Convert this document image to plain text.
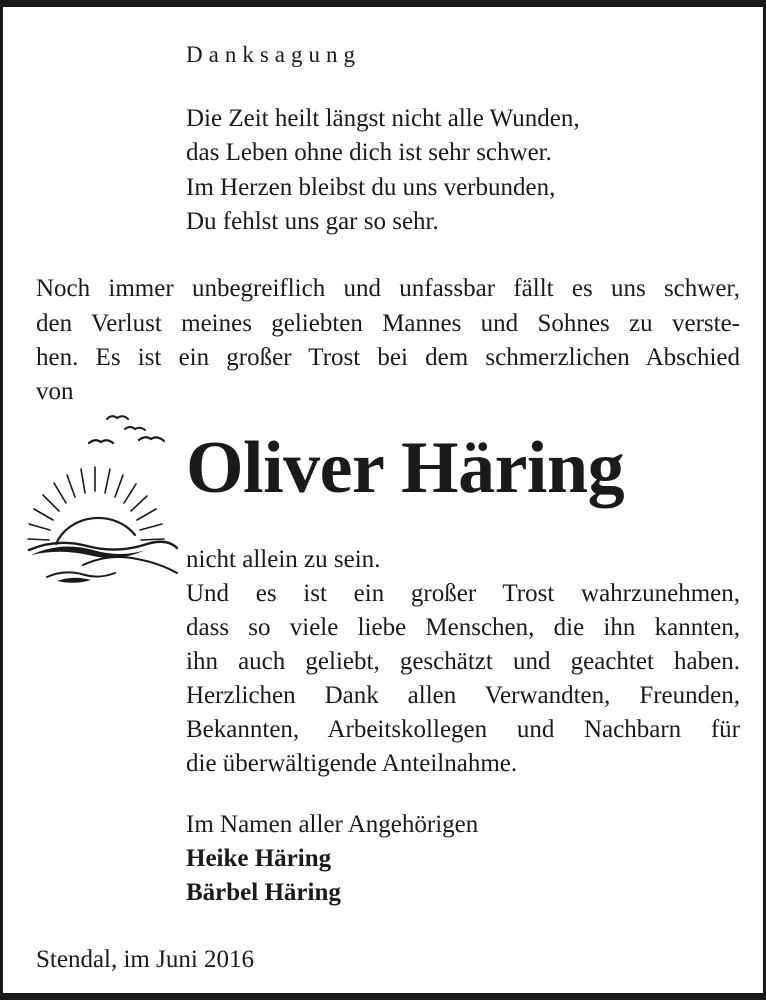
Danksagung
Die Zeit heilt längst nicht alle Wunden,
das Leben ohne dich ist sehr schwer.
Im Herzen bleibst du uns verbunden,
Du fehlst uns gar so sehr.
Noch immer unbegreiflich und unfassbar fällt es uns schwer,
den Verlust meines geliebten Mannes und Sohnes zu verste-
hen. Es ist ein großer Trost bei dem schmerzlichen Abschied
von
Oliver Häring
nicht allein zu sein.
Und es ist ein großer Trost wahrzunehmen,
dass so viele liebe Menschen, die ihn kannten,
ihn auch geliebt, geschätzt und geachtet haben.
Herzlichen Dank allen Verwandten, Freunden,
Bekannten, Arbeitskollegen und Nachbarn für
die überwältigende Anteilnahme.
Im Namen aller Angehörigen
Heike Häring
Bärbel Häring
Stendal, im Juni 2016
